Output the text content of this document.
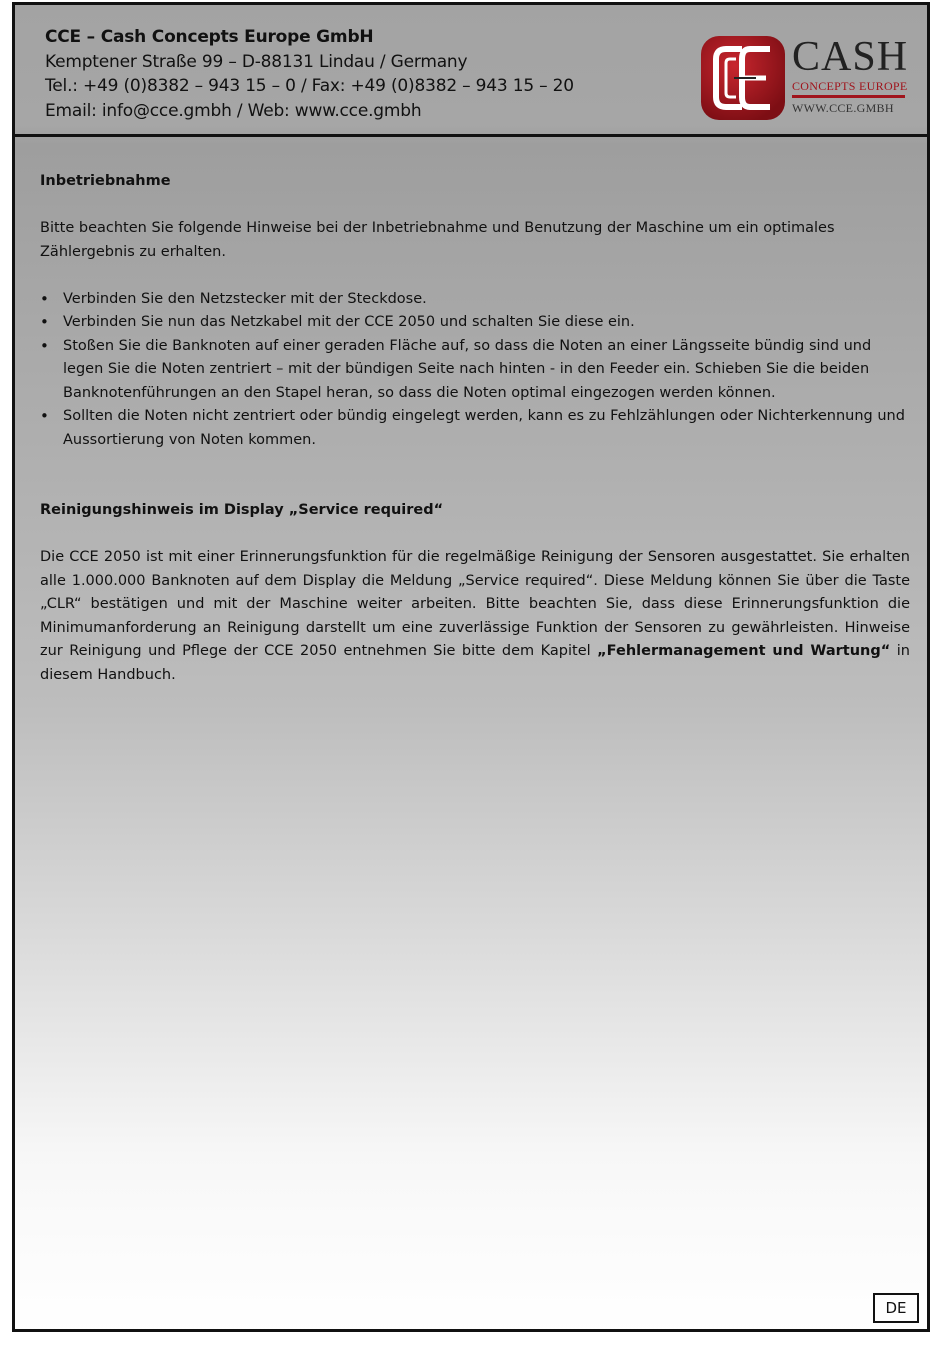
CCE – Cash Concepts Europe GmbH
Kemptener Straße 99 – D-88131 Lindau / Germany
Tel.: +49 (0)8382 – 943 15 – 0 / Fax: +49 (0)8382 – 943 15 – 20
Email: info@cce.gmbh / Web: www.cce.gmbh
CASH
CONCEPTS EUROPE
WWW.CCE.GMBH

Inbetriebnahme

Bitte beachten Sie folgende Hinweise bei der Inbetriebnahme und Benutzung der Maschine um ein optimales Zählergebnis zu erhalten.

• Verbinden Sie den Netzstecker mit der Steckdose.
• Verbinden Sie nun das Netzkabel mit der CCE 2050 und schalten Sie diese ein.
• Stoßen Sie die Banknoten auf einer geraden Fläche auf, so dass die Noten an einer Längsseite bündig sind und legen Sie die Noten zentriert – mit der bündigen Seite nach hinten - in den Feeder ein. Schieben Sie die beiden Banknotenführungen an den Stapel heran, so dass die Noten optimal eingezogen werden können.
• Sollten die Noten nicht zentriert oder bündig eingelegt werden, kann es zu Fehlzählungen oder Nichterkennung und Aussortierung von Noten kommen.

Reinigungshinweis im Display „Service required“

Die CCE 2050 ist mit einer Erinnerungsfunktion für die regelmäßige Reinigung der Sensoren ausgestattet. Sie erhalten alle 1.000.000 Banknoten auf dem Display die Meldung „Service required“. Diese Meldung können Sie über die Taste „CLR“ bestätigen und mit der Maschine weiter arbeiten. Bitte beachten Sie, dass diese Erinnerungsfunktion die Minimumanforderung an Reinigung darstellt um eine zuverlässige Funktion der Sensoren zu gewährleisten. Hinweise zur Reinigung und Pflege der CCE 2050 entnehmen Sie bitte dem Kapitel „Fehlermanagement und Wartung“ in diesem Handbuch.

DE
